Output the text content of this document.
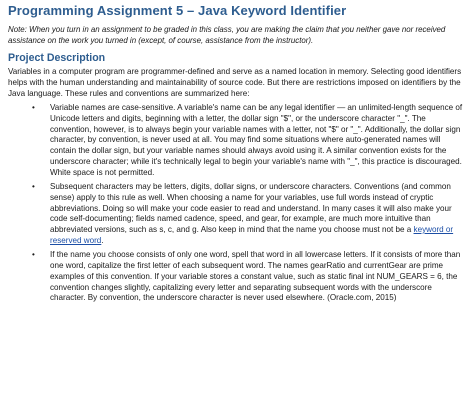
Programming Assignment 5 – Java Keyword Identifier

Note: When you turn in an assignment to be graded in this class, you are making the claim that you neither gave nor received assistance on the work you turned in (except, of course, assistance from the instructor).

Project Description

Variables in a computer program are programmer-defined and serve as a named location in memory. Selecting good identifiers helps with the human understanding and maintainability of source code. But there are restrictions imposed on identifiers by the Java language. These rules and conventions are summarized here:

• Variable names are case-sensitive. A variable's name can be any legal identifier — an unlimited-length sequence of Unicode letters and digits, beginning with a letter, the dollar sign "$", or the underscore character "_". The convention, however, is to always begin your variable names with a letter, not "$" or "_". Additionally, the dollar sign character, by convention, is never used at all. You may find some situations where auto-generated names will contain the dollar sign, but your variable names should always avoid using it. A similar convention exists for the underscore character; while it's technically legal to begin your variable's name with "_", this practice is discouraged. White space is not permitted.
• Subsequent characters may be letters, digits, dollar signs, or underscore characters. Conventions (and common sense) apply to this rule as well. When choosing a name for your variables, use full words instead of cryptic abbreviations. Doing so will make your code easier to read and understand. In many cases it will also make your code self-documenting; fields named cadence, speed, and gear, for example, are much more intuitive than abbreviated versions, such as s, c, and g. Also keep in mind that the name you choose must not be a keyword or reserved word.
• If the name you choose consists of only one word, spell that word in all lowercase letters. If it consists of more than one word, capitalize the first letter of each subsequent word. The names gearRatio and currentGear are prime examples of this convention. If your variable stores a constant value, such as static final int NUM_GEARS = 6, the convention changes slightly, capitalizing every letter and separating subsequent words with the underscore character. By convention, the underscore character is never used elsewhere. (Oracle.com, 2015)
